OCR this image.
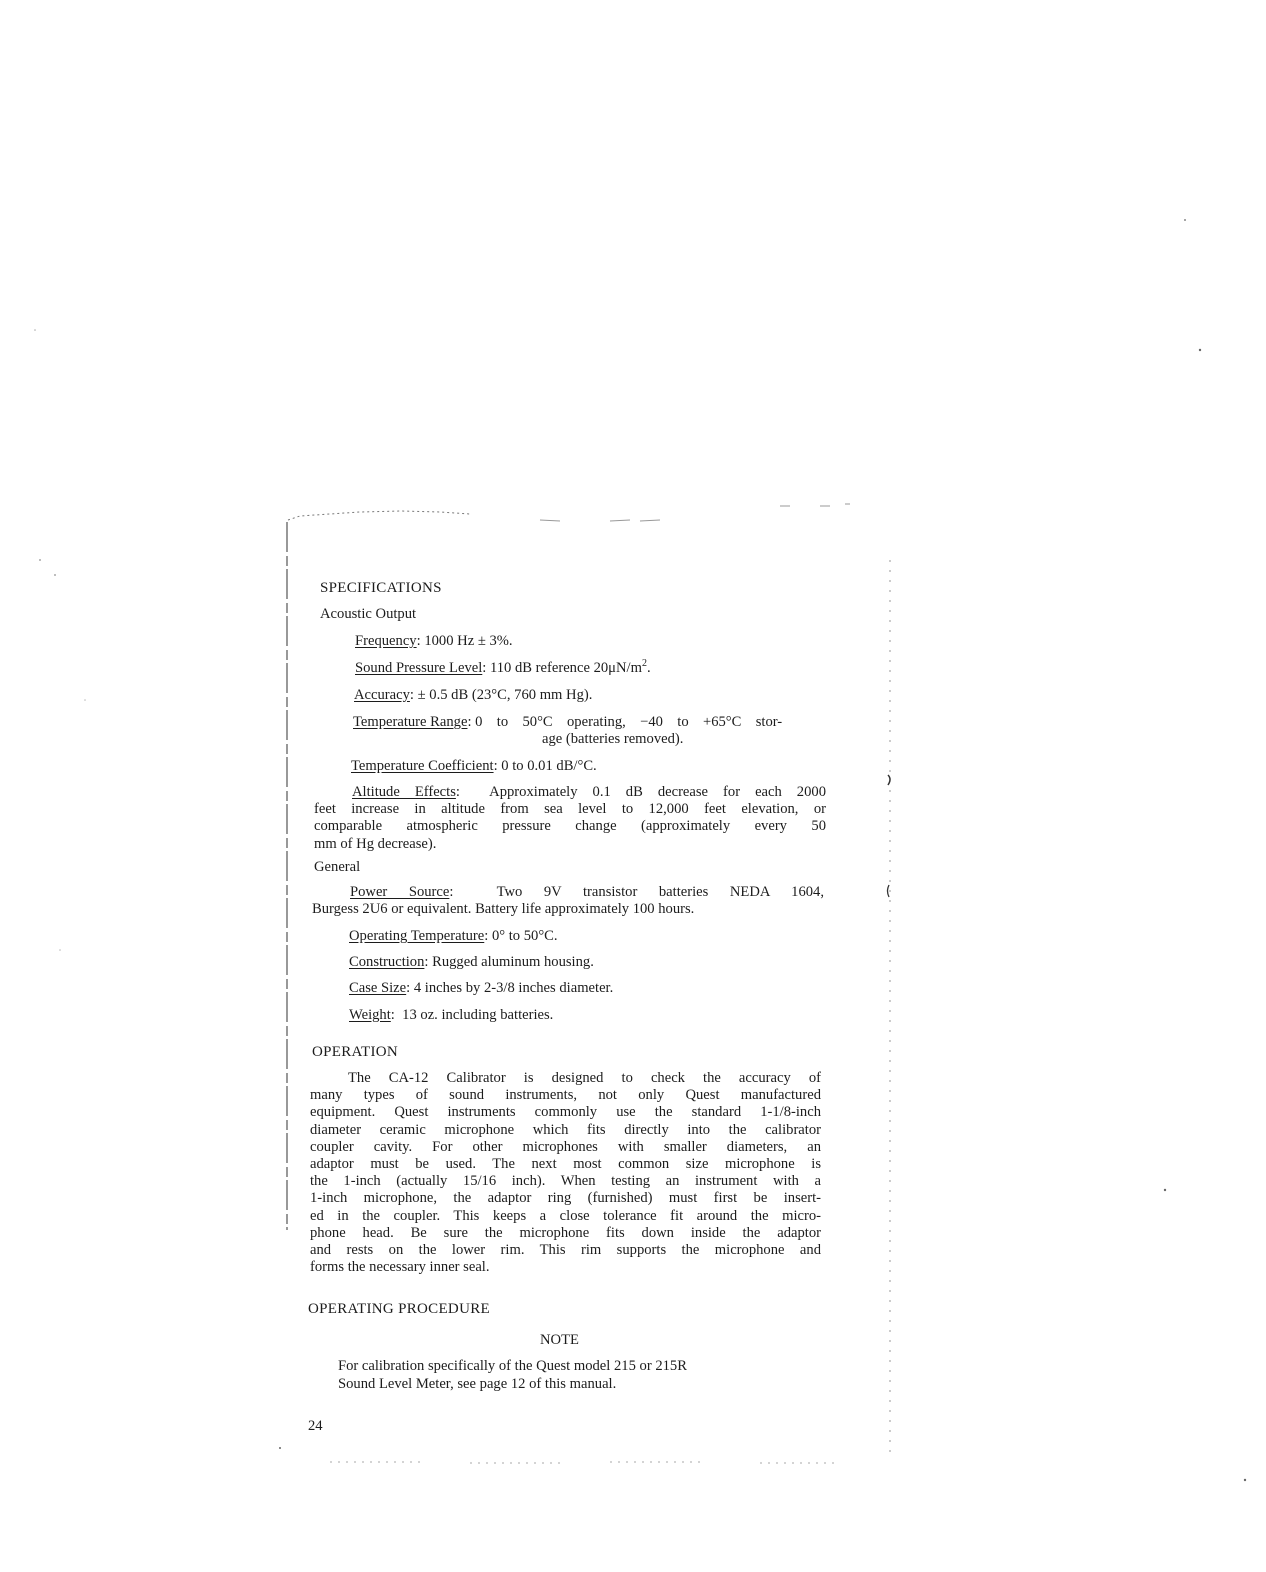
SPECIFICATIONS
Acoustic Output
Frequency: 1000 Hz ± 3%.
Sound Pressure Level: 110 dB reference $20\mu N/m^2$.
Accuracy: ± 0.5 dB (23°C, 760 mm Hg).
Temperature Range: 0 to 50°C operating, −40 to +65°C stor-
age (batteries removed).
Temperature Coefficient: 0 to 0.01 dB/°C.
Altitude Effects:  Approximately 0.1 dB decrease for each 2000
feet increase in altitude from sea level to 12,000 feet elevation, or
comparable atmospheric pressure change (approximately every 50
mm of Hg decrease).
General
Power Source:  Two 9V transistor batteries NEDA 1604,
Burgess 2U6 or equivalent. Battery life approximately 100 hours.
Operating Temperature: 0° to 50°C.
Construction: Rugged aluminum housing.
Case Size: 4 inches by 2-3/8 inches diameter.
Weight:  13 oz. including batteries.
OPERATION
The CA-12 Calibrator is designed to check the accuracy of
many types of sound instruments, not only Quest manufactured
equipment. Quest instruments commonly use the standard 1-1/8-inch
diameter ceramic microphone which fits directly into the calibrator
coupler cavity. For other microphones with smaller diameters, an
adaptor must be used. The next most common size microphone is
the 1-inch (actually 15/16 inch). When testing an instrument with a
1-inch microphone, the adaptor ring (furnished) must first be insert-
ed in the coupler. This keeps a close tolerance fit around the micro-
phone head. Be sure the microphone fits down inside the adaptor
and rests on the lower rim. This rim supports the microphone and
forms the necessary inner seal.
OPERATING PROCEDURE
NOTE
For calibration specifically of the Quest model 215 or 215R
Sound Level Meter, see page 12 of this manual.
24
